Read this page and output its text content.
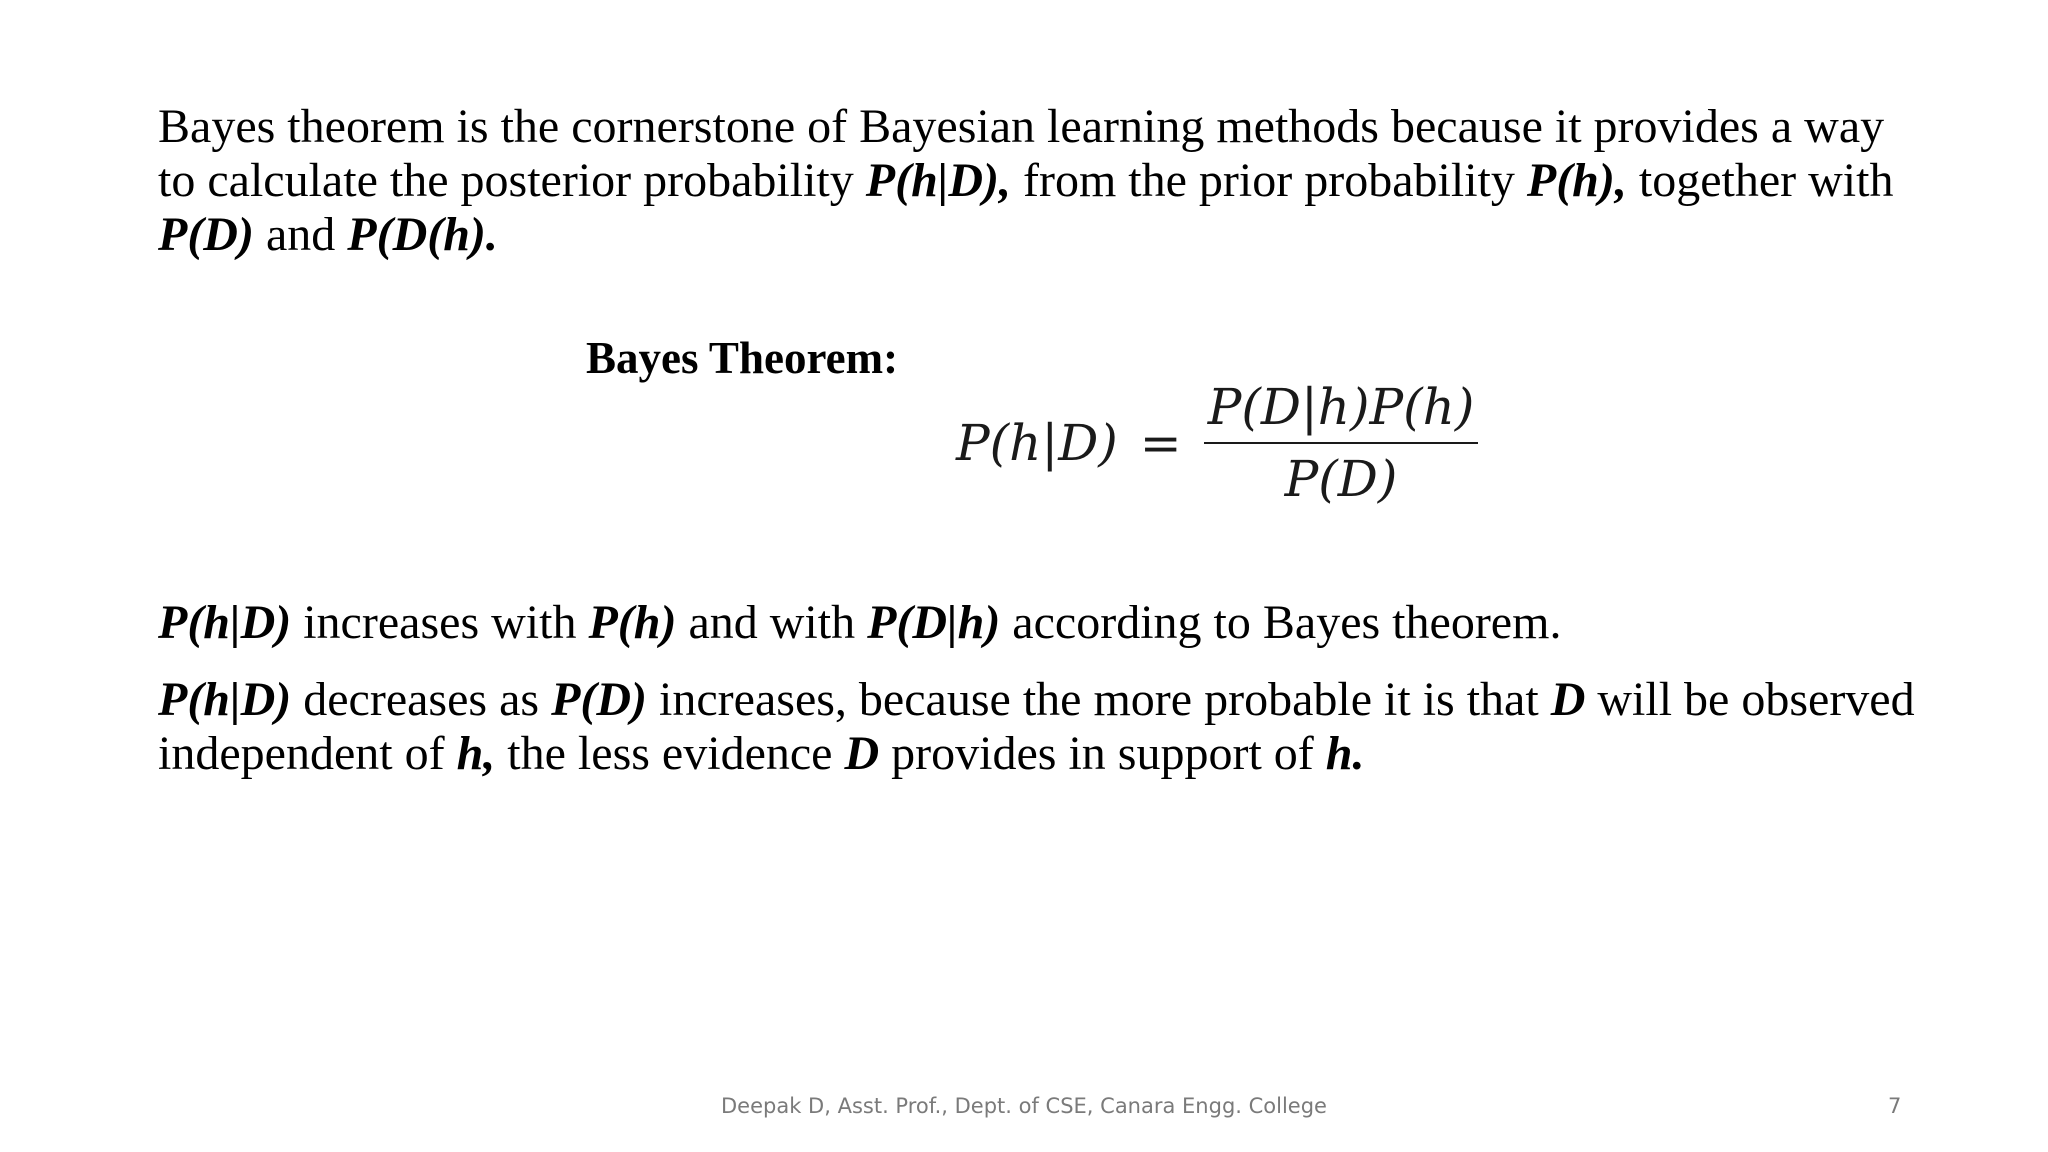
Bayes theorem is the cornerstone of Bayesian learning methods because it provides a way to calculate the posterior probability P(h|D), from the prior probability P(h), together with P(D) and P(D(h).

Bayes Theorem:
$P(h|D) = \frac{P(D|h)P(h)}{P(D)}$

P(h|D) increases with P(h) and with P(D|h) according to Bayes theorem.

P(h|D) decreases as P(D) increases, because the more probable it is that D will be observed independent of h, the less evidence D provides in support of h.

Deepak D, Asst. Prof., Dept. of CSE, Canara Engg. College	7
